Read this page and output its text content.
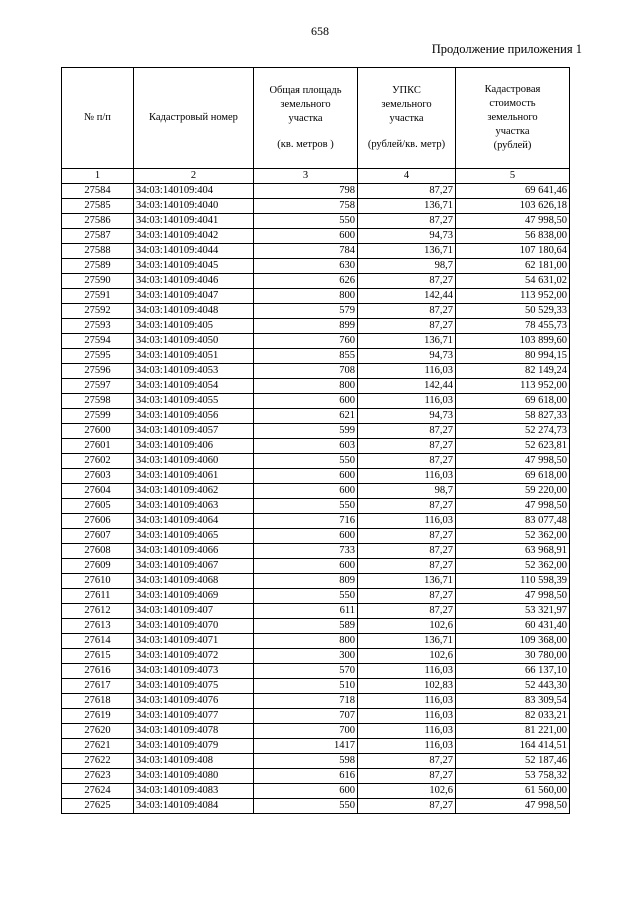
658
Продолжение приложения 1
№ п/п	Кадастровый номер	Общая площадь
земельного
участка
(кв. метров )	УПКС
земельного
участка
(рублей/кв. метр)	Кадастровая
стоимость
земельного
участка
(рублей)

1	2	3	4	5
27584	34:03:140109:404	798	87,27	69 641,46
27585	34:03:140109:4040	758	136,71	103 626,18
27586	34:03:140109:4041	550	87,27	47 998,50
27587	34:03:140109:4042	600	94,73	56 838,00
27588	34:03:140109:4044	784	136,71	107 180,64
27589	34:03:140109:4045	630	98,7	62 181,00
27590	34:03:140109:4046	626	87,27	54 631,02
27591	34:03:140109:4047	800	142,44	113 952,00
27592	34:03:140109:4048	579	87,27	50 529,33
27593	34:03:140109:405	899	87,27	78 455,73
27594	34:03:140109:4050	760	136,71	103 899,60
27595	34:03:140109:4051	855	94,73	80 994,15
27596	34:03:140109:4053	708	116,03	82 149,24
27597	34:03:140109:4054	800	142,44	113 952,00
27598	34:03:140109:4055	600	116,03	69 618,00
27599	34:03:140109:4056	621	94,73	58 827,33
27600	34:03:140109:4057	599	87,27	52 274,73
27601	34:03:140109:406	603	87,27	52 623,81
27602	34:03:140109:4060	550	87,27	47 998,50
27603	34:03:140109:4061	600	116,03	69 618,00
27604	34:03:140109:4062	600	98,7	59 220,00
27605	34:03:140109:4063	550	87,27	47 998,50
27606	34:03:140109:4064	716	116,03	83 077,48
27607	34:03:140109:4065	600	87,27	52 362,00
27608	34:03:140109:4066	733	87,27	63 968,91
27609	34:03:140109:4067	600	87,27	52 362,00
27610	34:03:140109:4068	809	136,71	110 598,39
27611	34:03:140109:4069	550	87,27	47 998,50
27612	34:03:140109:407	611	87,27	53 321,97
27613	34:03:140109:4070	589	102,6	60 431,40
27614	34:03:140109:4071	800	136,71	109 368,00
27615	34:03:140109:4072	300	102,6	30 780,00
27616	34:03:140109:4073	570	116,03	66 137,10
27617	34:03:140109:4075	510	102,83	52 443,30
27618	34:03:140109:4076	718	116,03	83 309,54
27619	34:03:140109:4077	707	116,03	82 033,21
27620	34:03:140109:4078	700	116,03	81 221,00
27621	34:03:140109:4079	1417	116,03	164 414,51
27622	34:03:140109:408	598	87,27	52 187,46
27623	34:03:140109:4080	616	87,27	53 758,32
27624	34:03:140109:4083	600	102,6	61 560,00
27625	34:03:140109:4084	550	87,27	47 998,50
